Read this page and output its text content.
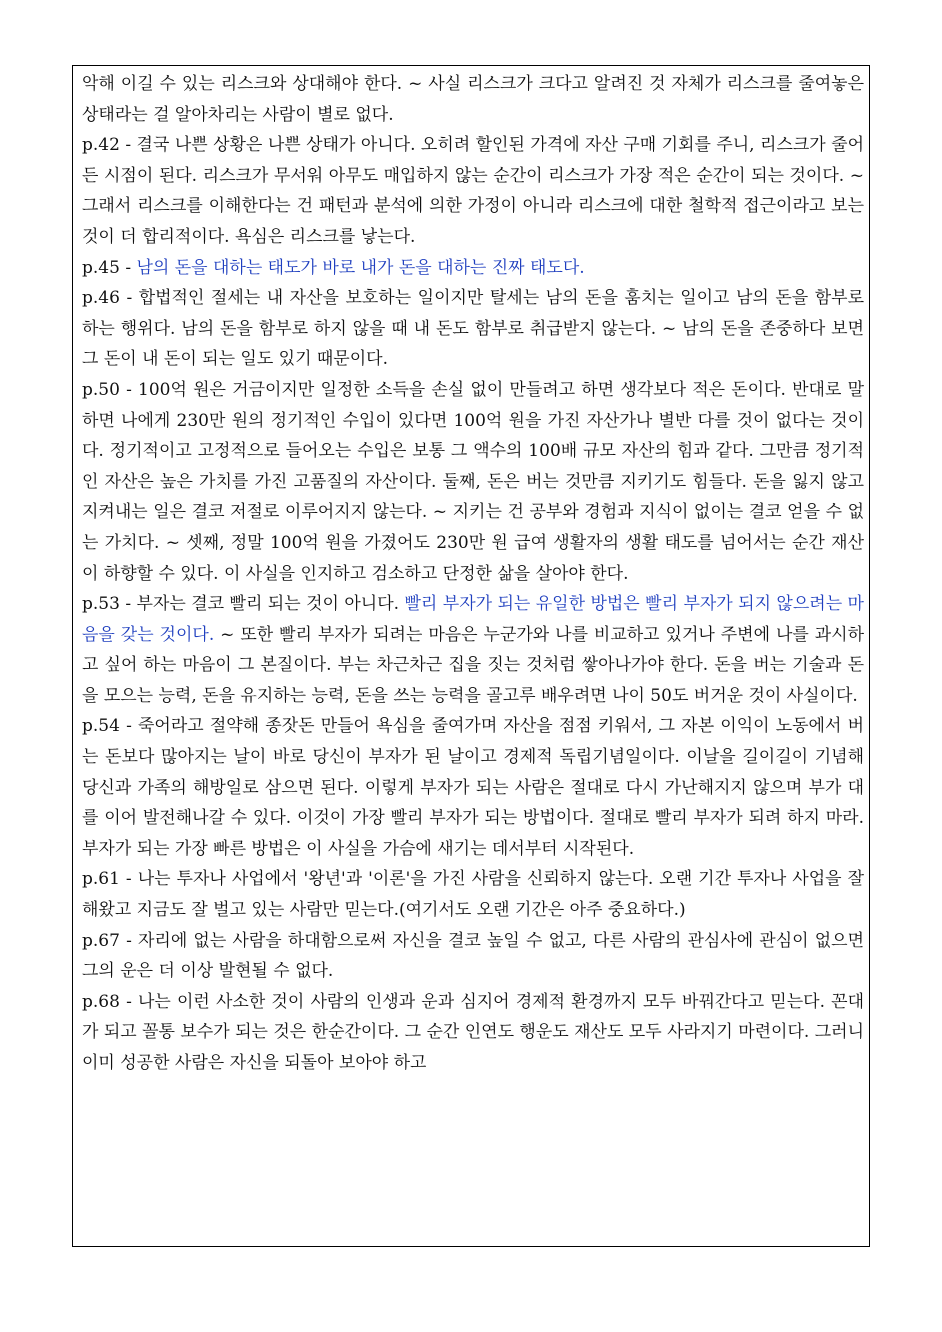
악해 이길 수 있는 리스크와 상대해야 한다. ~ 사실 리스크가 크다고 알려진 것 자체가 리스크를 줄여놓은 상태라는 걸 알아차리는 사람이 별로 없다.

p.42 - 결국 나쁜 상황은 나쁜 상태가 아니다. 오히려 할인된 가격에 자산 구매 기회를 주니, 리스크가 줄어든 시점이 된다. 리스크가 무서워 아무도 매입하지 않는 순간이 리스크가 가장 적은 순간이 되는 것이다. ~ 그래서 리스크를 이해한다는 건 패턴과 분석에 의한 가정이 아니라 리스크에 대한 철학적 접근이라고 보는 것이 더 합리적이다. 욕심은 리스크를 낳는다.

p.45 - 남의 돈을 대하는 태도가 바로 내가 돈을 대하는 진짜 태도다.

p.46 - 합법적인 절세는 내 자산을 보호하는 일이지만 탈세는 남의 돈을 훔치는 일이고 남의 돈을 함부로 하는 행위다. 남의 돈을 함부로 하지 않을 때 내 돈도 함부로 취급받지 않는다. ~ 남의 돈을 존중하다 보면 그 돈이 내 돈이 되는 일도 있기 때문이다.

p.50 - 100억 원은 거금이지만 일정한 소득을 손실 없이 만들려고 하면 생각보다 적은 돈이다. 반대로 말하면 나에게 230만 원의 정기적인 수입이 있다면 100억 원을 가진 자산가나 별반 다를 것이 없다는 것이다. 정기적이고 고정적으로 들어오는 수입은 보통 그 액수의 100배 규모 자산의 힘과 같다. 그만큼 정기적인 자산은 높은 가치를 가진 고품질의 자산이다. 둘째, 돈은 버는 것만큼 지키기도 힘들다. 돈을 잃지 않고 지켜내는 일은 결코 저절로 이루어지지 않는다. ~ 지키는 건 공부와 경험과 지식이 없이는 결코 얻을 수 없는 가치다. ~ 셋째, 정말 100억 원을 가졌어도 230만 원 급여 생활자의 생활 태도를 넘어서는 순간 재산이 하향할 수 있다. 이 사실을 인지하고 검소하고 단정한 삶을 살아야 한다.

p.53 - 부자는 결코 빨리 되는 것이 아니다. 빨리 부자가 되는 유일한 방법은 빨리 부자가 되지 않으려는 마음을 갖는 것이다. ~ 또한 빨리 부자가 되려는 마음은 누군가와 나를 비교하고 있거나 주변에 나를 과시하고 싶어 하는 마음이 그 본질이다. 부는 차근차근 집을 짓는 것처럼 쌓아나가야 한다. 돈을 버는 기술과 돈을 모으는 능력, 돈을 유지하는 능력, 돈을 쓰는 능력을 골고루 배우려면 나이 50도 버거운 것이 사실이다.

p.54 - 죽어라고 절약해 종잣돈 만들어 욕심을 줄여가며 자산을 점점 키워서, 그 자본 이익이 노동에서 버는 돈보다 많아지는 날이 바로 당신이 부자가 된 날이고 경제적 독립기념일이다. 이날을 길이길이 기념해 당신과 가족의 해방일로 삼으면 된다. 이렇게 부자가 되는 사람은 절대로 다시 가난해지지 않으며 부가 대를 이어 발전해나갈 수 있다. 이것이 가장 빨리 부자가 되는 방법이다. 절대로 빨리 부자가 되려 하지 마라. 부자가 되는 가장 빠른 방법은 이 사실을 가슴에 새기는 데서부터 시작된다.

p.61 - 나는 투자나 사업에서 '왕년'과 '이론'을 가진 사람을 신뢰하지 않는다. 오랜 기간 투자나 사업을 잘해왔고 지금도 잘 벌고 있는 사람만 믿는다.(여기서도 오랜 기간은 아주 중요하다.)

p.67 - 자리에 없는 사람을 하대함으로써 자신을 결코 높일 수 없고, 다른 사람의 관심사에 관심이 없으면 그의 운은 더 이상 발현될 수 없다.

p.68 - 나는 이런 사소한 것이 사람의 인생과 운과 심지어 경제적 환경까지 모두 바꿔간다고 믿는다. 꼰대가 되고 꼴통 보수가 되는 것은 한순간이다. 그 순간 인연도 행운도 재산도 모두 사라지기 마련이다. 그러니 이미 성공한 사람은 자신을 되돌아 보아야 하고
